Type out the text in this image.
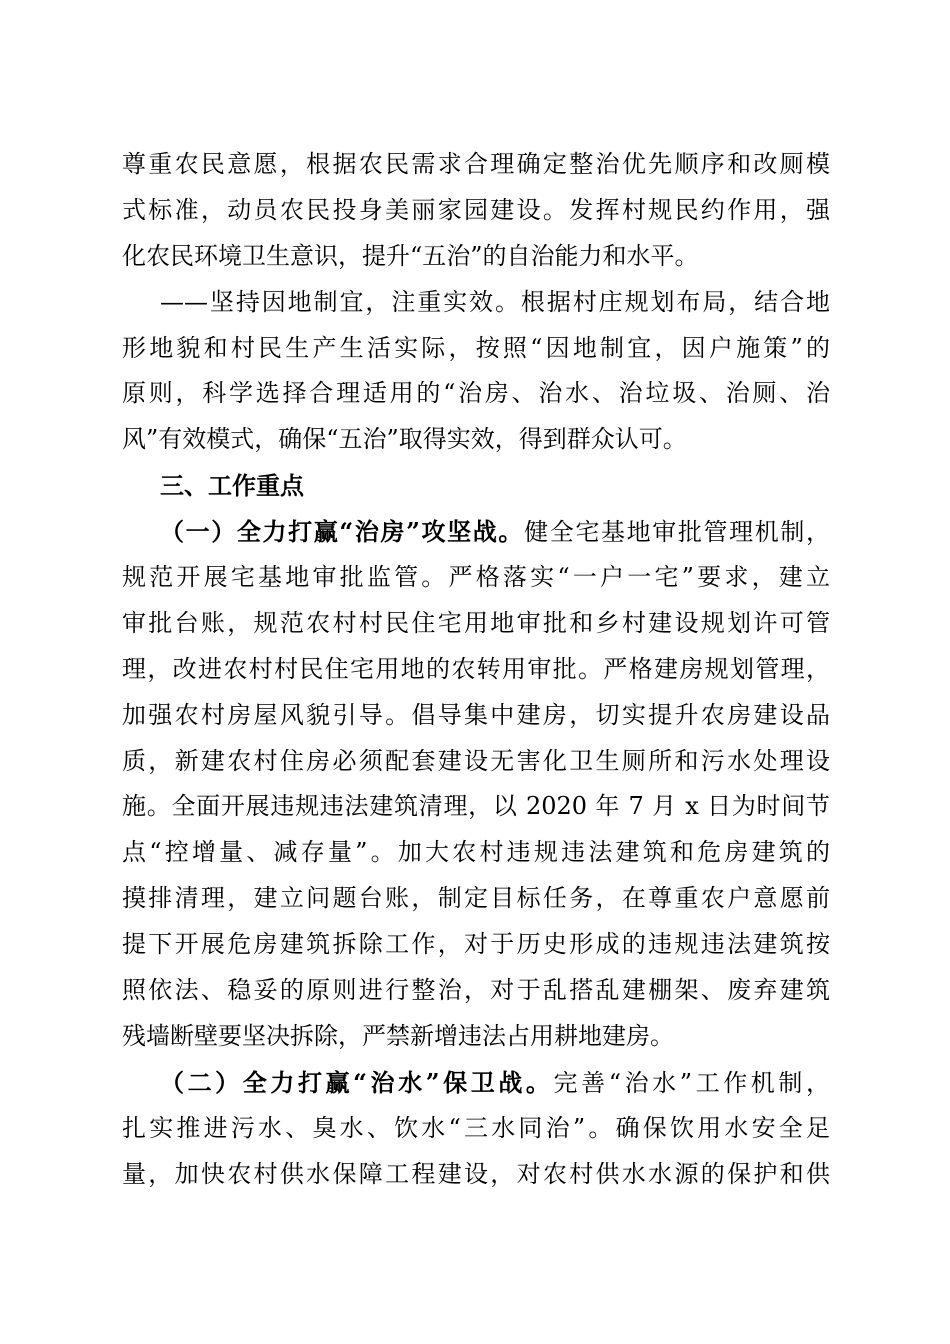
尊重农民意愿，根据农民需求合理确定整治优先顺序和改厕模
式标准，动员农民投身美丽家园建设。发挥村规民约作用，强
化农民环境卫生意识，提升“五治”的自治能力和水平。
——坚持因地制宜，注重实效。根据村庄规划布局，结合地
形地貌和村民生产生活实际，按照“因地制宜，因户施策”的
原则，科学选择合理适用的“治房、治水、治垃圾、治厕、治
风”有效模式，确保“五治”取得实效，得到群众认可。
三、工作重点
（一）全力打赢“治房”攻坚战。健全宅基地审批管理机制，
规范开展宅基地审批监管。严格落实“一户一宅”要求，建立
审批台账，规范农村村民住宅用地审批和乡村建设规划许可管
理，改进农村村民住宅用地的农转用审批。严格建房规划管理，
加强农村房屋风貌引导。倡导集中建房，切实提升农房建设品
质，新建农村住房必须配套建设无害化卫生厕所和污水处理设
施。全面开展违规违法建筑清理，以 2020 年 7 月 x 日为时间节
点“控增量、减存量”。加大农村违规违法建筑和危房建筑的
摸排清理，建立问题台账，制定目标任务，在尊重农户意愿前
提下开展危房建筑拆除工作，对于历史形成的违规违法建筑按
照依法、稳妥的原则进行整治，对于乱搭乱建棚架、废弃建筑
残墙断壁要坚决拆除，严禁新增违法占用耕地建房。
（二）全力打赢“治水”保卫战。完善“治水”工作机制，
扎实推进污水、臭水、饮水“三水同治”。确保饮用水安全足
量，加快农村供水保障工程建设，对农村供水水源的保护和供
